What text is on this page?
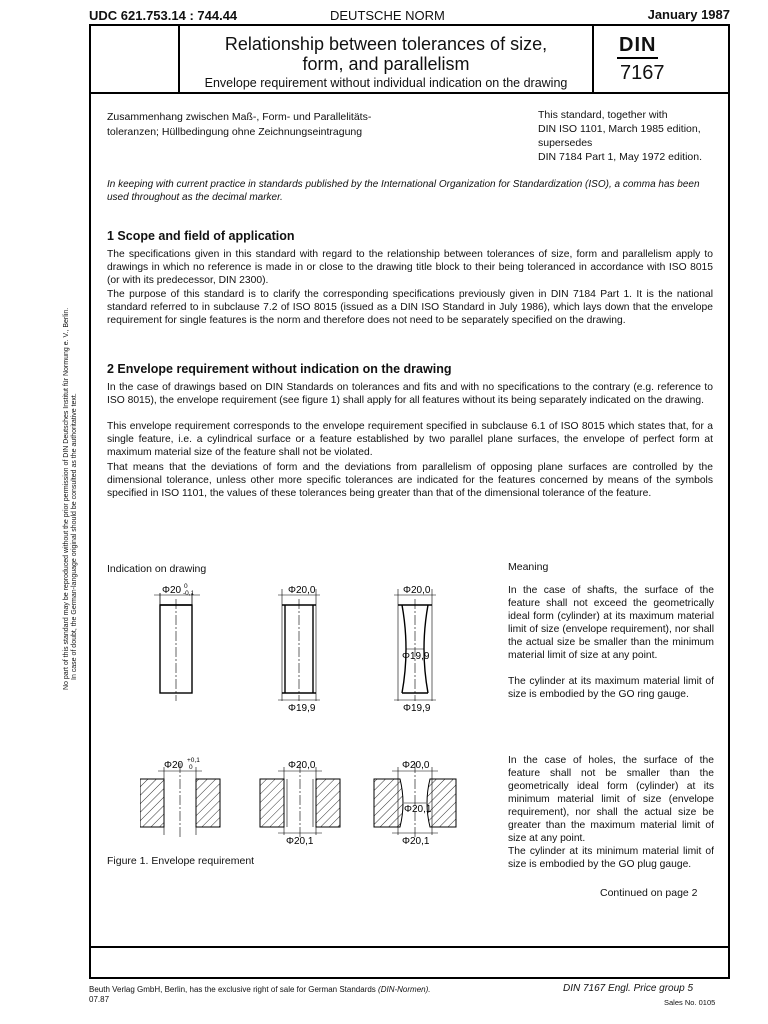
UDC 621.753.14 : 744.44	DEUTSCHE NORM	January 1987
Relationship between tolerances of size,
form, and parallelism
Envelope requirement without individual indication on the drawing
DIN
7167
Zusammenhang zwischen Maß-, Form- und Parallelitäts-toleranzen; Hüllbedingung ohne Zeichnungseintragung
This standard, together with
DIN ISO 1101, March 1985 edition,
supersedes
DIN 7184 Part 1, May 1972 edition.
In keeping with current practice in standards published by the International Organization for Standardization (ISO), a comma has been used throughout as the decimal marker.
1 Scope and field of application

The specifications given in this standard with regard to the relationship between tolerances of size, form and parallelism apply to drawings in which no reference is made in or close to the drawing title block to their being toleranced in accordance with ISO 8015 (or with its predecessor, DIN 2300).

The purpose of this standard is to clarify the corresponding specifications previously given in DIN 7184 Part 1. It is the national standard referred to in subclause 7.2 of ISO 8015 (issued as a DIN ISO Standard in July 1986), which lays down that the envelope requirement for single features is the norm and therefore does not need to be separately specified on the drawing.

2 Envelope requirement without indication on the drawing

In the case of drawings based on DIN Standards on tolerances and fits and with no specifications to the contrary (e.g. reference to ISO 8015), the envelope requirement (see figure 1) shall apply for all features without its being separately indicated on the drawing.

This envelope requirement corresponds to the envelope requirement specified in subclause 6.1 of ISO 8015 which states that, for a single feature, i.e. a cylindrical surface or a feature established by two parallel plane surfaces, the envelope of perfect form at maximum material size of the feature shall not be violated.

That means that the deviations of form and the deviations from parallelism of opposing plane surfaces are controlled by the dimensional tolerance, unless other more specific tolerances are indicated for the features concerned by means of the symbols specified in ISO 1101, the values of these tolerances being greater than that of the dimensional tolerance of the feature.

Indication on drawing	Meaning

In the case of shafts, the surface of the feature shall not exceed the geometrically ideal form (cylinder) at its maximum material limit of size (envelope requirement), nor shall the actual size be smaller than the minimum material limit of size at any point.

The cylinder at its maximum material limit of size is embodied by the GO ring gauge.

In the case of holes, the surface of the feature shall not be smaller than the geometrically ideal form (cylinder) at its minimum material limit of size (envelope requirement), nor shall the actual size be greater than the maximum material limit of size at any point.

The cylinder at its minimum material limit of size is embodied by the GO plug gauge.

Φ20 0
-0,1	Φ20,0
Φ19,9
Φ20,0
Φ19,9
Φ19,9
Φ20 +0,1
0	Φ20,0
Φ20,1
Φ20,0
Φ20,1
Φ20,1
Figure 1. Envelope requirement
Continued on page 2
Beuth Verlag GmbH, Berlin, has the exclusive right of sale for German Standards (DIN-Normen).
07.87
DIN 7167 Engl. Price group 5
Sales No. 0105
No part of this standard may be reproduced without the prior permission of DIN Deutsches Institut für Normung e. V., Berlin. In case of doubt, the German-language original should be consulted as the authoritative text.
